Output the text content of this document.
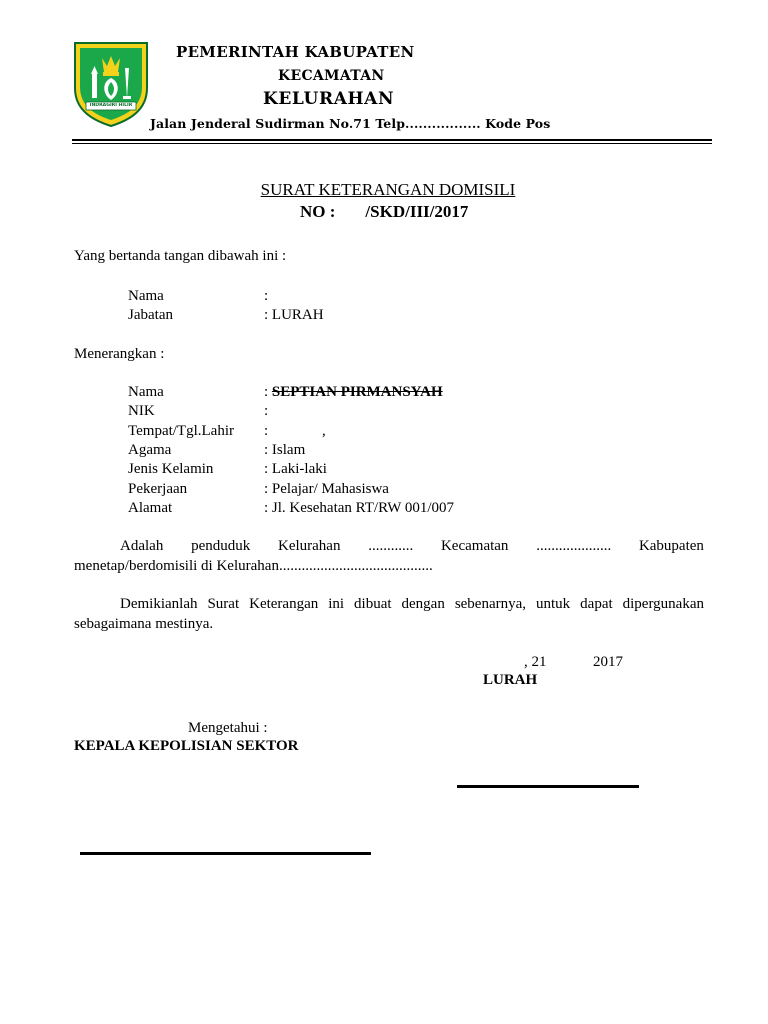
INDRAGIRI HILIR
PEMERINTAH KABUPATEN
KECAMATAN
KELURAHAN
Jalan Jenderal Sudirman No.71 Telp................. Kode Pos
SURAT KETERANGAN DOMISILI
NO : /SKD/III/2017
Yang bertanda tangan dibawah ini :
Nama	:
Jabatan	: LURAH
Menerangkan :
Nama	: SEPTIAN PIRMANSYAH
NIK	:
Tempat/Tgl.Lahir :	,
Agama	: Islam
Jenis Kelamin	: Laki-laki
Pekerjaan	: Pelajar/ Mahasiswa
Alamat	: Jl. Kesehatan RT/RW 001/007
Adalah penduduk Kelurahan ............ Kecamatan .................... Kabupaten
menetap/berdomisili di Kelurahan.........................................
Demikianlah Surat Keterangan ini dibuat dengan sebenarnya, untuk dapat dipergunakan
sebagaimana mestinya.
, 21	2017
LURAH
Mengetahui :
KEPALA KEPOLISIAN SEKTOR
